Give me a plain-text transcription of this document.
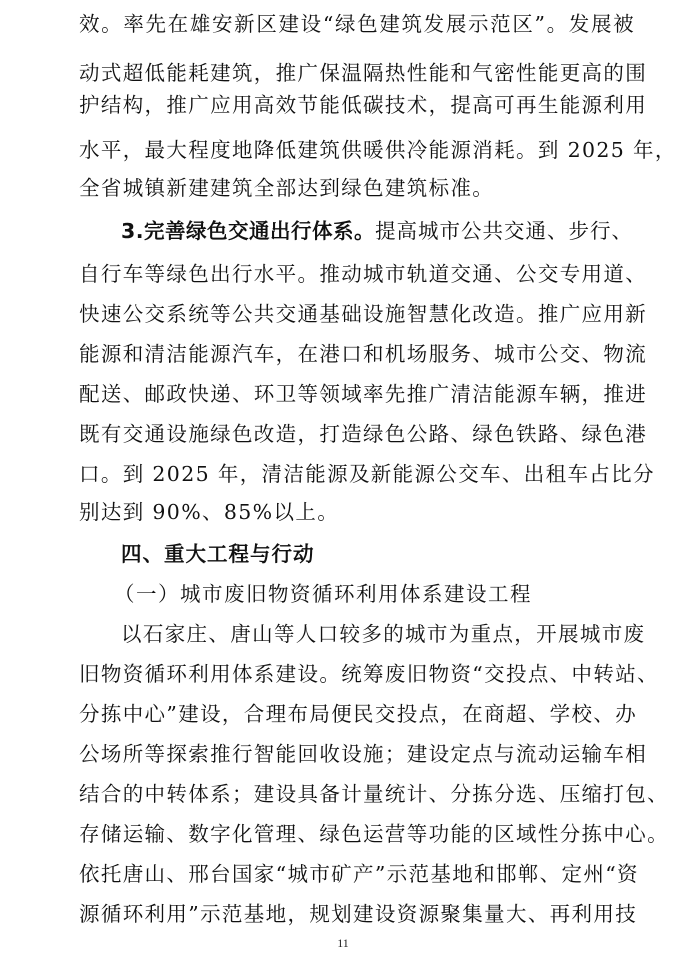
效。率先在雄安新区建设“绿色建筑发展示范区”。发展被
动式超低能耗建筑，推广保温隔热性能和气密性能更高的围
护结构，推广应用高效节能低碳技术，提高可再生能源利用
水平，最大程度地降低建筑供暖供冷能源消耗。到 2025 年，
全省城镇新建建筑全部达到绿色建筑标准。
3.完善绿色交通出行体系。提高城市公共交通、步行、
自行车等绿色出行水平。推动城市轨道交通、公交专用道、
快速公交系统等公共交通基础设施智慧化改造。推广应用新
能源和清洁能源汽车，在港口和机场服务、城市公交、物流
配送、邮政快递、环卫等领域率先推广清洁能源车辆，推进
既有交通设施绿色改造，打造绿色公路、绿色铁路、绿色港
口。到 2025 年，清洁能源及新能源公交车、出租车占比分
别达到 90%、85%以上。
四、重大工程与行动
（一）城市废旧物资循环利用体系建设工程
以石家庄、唐山等人口较多的城市为重点，开展城市废
旧物资循环利用体系建设。统筹废旧物资“交投点、中转站、
分拣中心”建设，合理布局便民交投点，在商超、学校、办
公场所等探索推行智能回收设施；建设定点与流动运输车相
结合的中转体系；建设具备计量统计、分拣分选、压缩打包、
存储运输、数字化管理、绿色运营等功能的区域性分拣中心。
依托唐山、邢台国家“城市矿产”示范基地和邯郸、定州“资
源循环利用”示范基地，规划建设资源聚集量大、再利用技
11
